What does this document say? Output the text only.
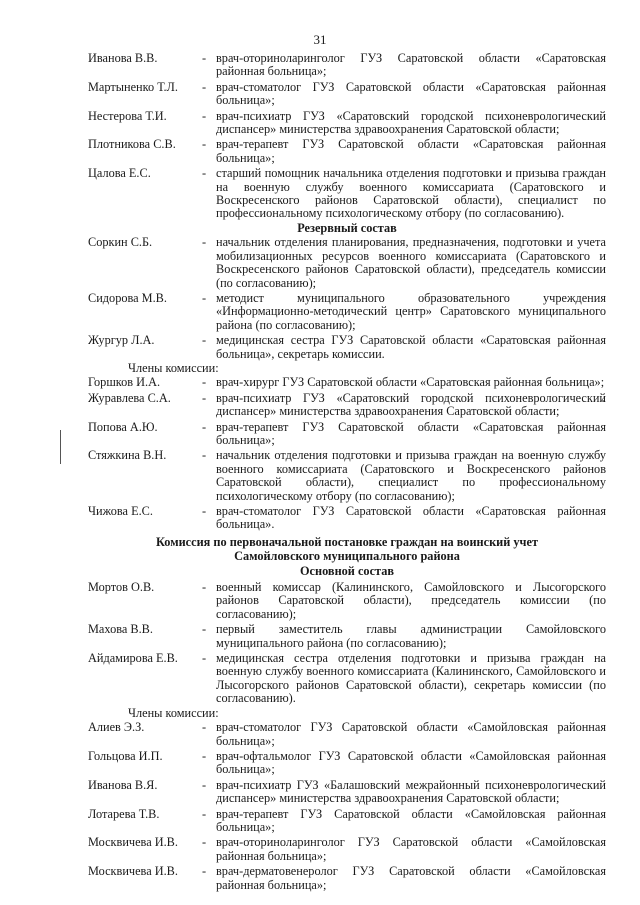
31
Иванова В.В.	- врач-оториноларинголог ГУЗ Саратовской области «Саратовская районная больница»;
Мартыненко Т.Л.	- врач-стоматолог ГУЗ Саратовской области «Саратовская районная больница»;
Нестерова Т.И.	- врач-психиатр ГУЗ «Саратовский городской психоневрологический диспансер» министерства здравоохранения Саратовской области;
Плотникова С.В.	- врач-терапевт ГУЗ Саратовской области «Саратовская районная больница»;
Цалова Е.С.	- старший помощник начальника отделения подготовки и призыва граждан на военную службу военного комиссариата (Саратовского и Воскресенского районов Саратовской области), специалист по профессиональному психологическому отбору (по согласованию).
Резервный состав
Соркин С.Б.	- начальник отделения планирования, предназначения, подготовки и учета мобилизационных ресурсов военного комиссариата (Саратовского и Воскресенского районов Саратовской области), председатель комиссии (по согласованию);
Сидорова М.В.	- методист муниципального образовательного учреждения «Информационно-методический центр» Саратовского муниципального района (по согласованию);
Жургур Л.А.	- медицинская сестра ГУЗ Саратовской области «Саратовская районная больница», секретарь комиссии.
Члены комиссии:
Горшков И.А.	- врач-хирург ГУЗ Саратовской области «Саратовская районная больница»;
Журавлева С.А.	- врач-психиатр ГУЗ «Саратовский городской психоневрологический диспансер» министерства здравоохранения Саратовской области;
Попова А.Ю.	- врач-терапевт ГУЗ Саратовской области «Саратовская районная больница»;
Стяжкина В.Н.	- начальник отделения подготовки и призыва граждан на военную службу военного комиссариата (Саратовского и Воскресенского районов Саратовской области), специалист по профессиональному психологическому отбору (по согласованию);
Чижова Е.С.	- врач-стоматолог ГУЗ Саратовской области «Саратовская районная больница».
Комиссия по первоначальной постановке граждан на воинский учет
Самойловского муниципального района
Основной состав
Мортов О.В.	- военный комиссар (Калининского, Самойловского и Лысогорского районов Саратовской области), председатель комиссии (по согласованию);
Махова В.В.	- первый заместитель главы администрации Самойловского муниципального района (по согласованию);
Айдамирова Е.В.	- медицинская сестра отделения подготовки и призыва граждан на военную службу военного комиссариата (Калининского, Самойловского и Лысогорского районов Саратовской области), секретарь комиссии (по согласованию).
Члены комиссии:
Алиев Э.З.	- врач-стоматолог ГУЗ Саратовской области «Самойловская районная больница»;
Гольцова И.П.	- врач-офтальмолог ГУЗ Саратовской области «Самойловская районная больница»;
Иванова В.Я.	- врач-психиатр ГУЗ «Балашовский межрайонный психоневрологический диспансер» министерства здравоохранения Саратовской области;
Лотарева Т.В.	- врач-терапевт ГУЗ Саратовской области «Самойловская районная больница»;
Москвичева И.В.	- врач-оториноларинголог ГУЗ Саратовской области «Самойловская районная больница»;
Москвичева И.В.	- врач-дерматовенеролог ГУЗ Саратовской области «Самойловская районная больница»;
